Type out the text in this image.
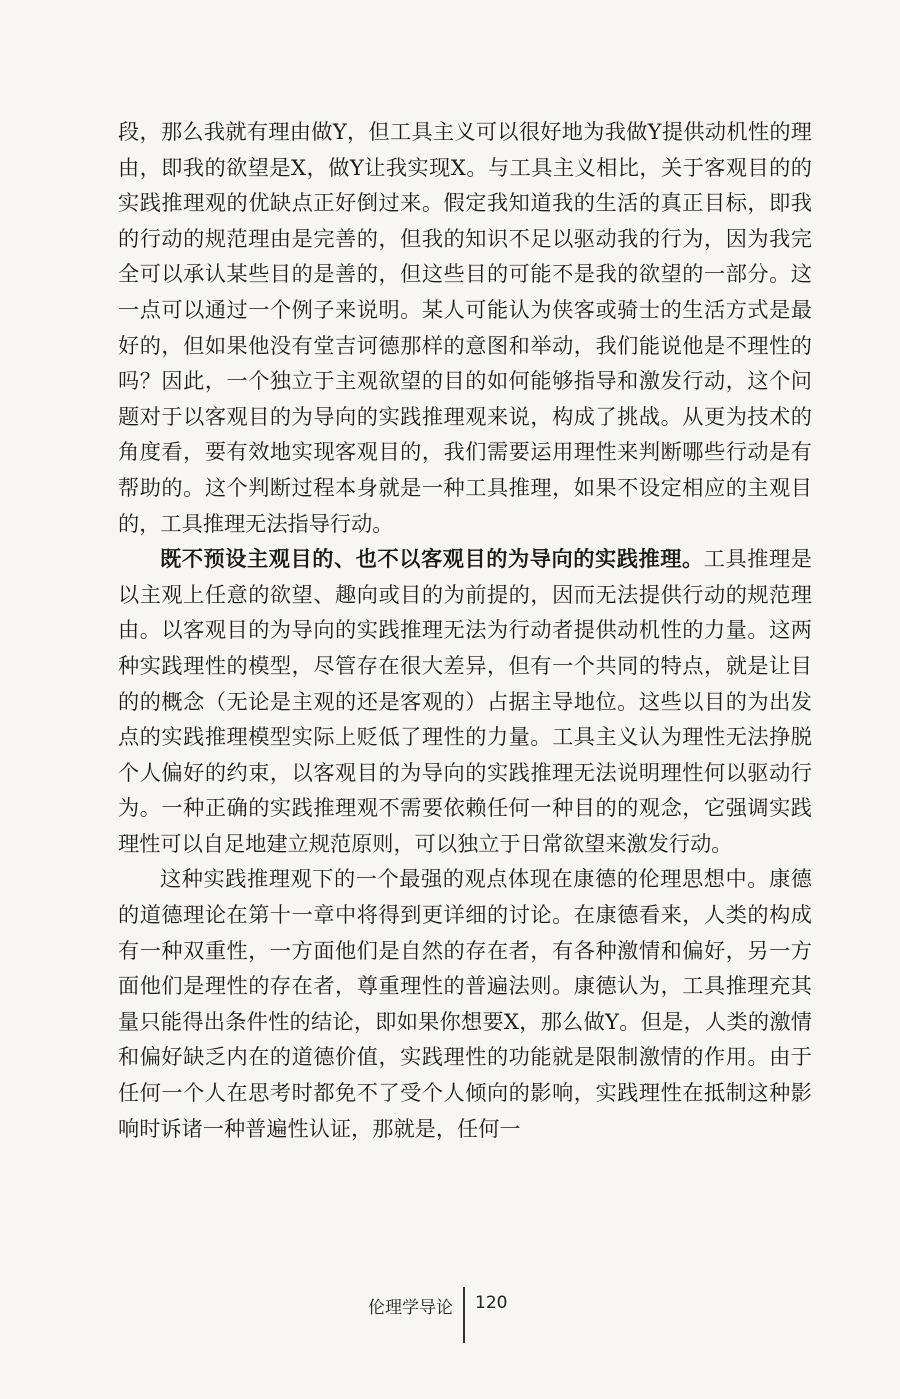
段，那么我就有理由做Y，但工具主义可以很好地为我做Y提供动机性的理由，即我的欲望是X，做Y让我实现X。与工具主义相比，关于客观目的的实践推理观的优缺点正好倒过来。假定我知道我的生活的真正目标，即我的行动的规范理由是完善的，但我的知识不足以驱动我的行为，因为我完全可以承认某些目的是善的，但这些目的可能不是我的欲望的一部分。这一点可以通过一个例子来说明。某人可能认为侠客或骑士的生活方式是最好的，但如果他没有堂吉诃德那样的意图和举动，我们能说他是不理性的吗？因此，一个独立于主观欲望的目的如何能够指导和激发行动，这个问题对于以客观目的为导向的实践推理观来说，构成了挑战。从更为技术的角度看，要有效地实现客观目的，我们需要运用理性来判断哪些行动是有帮助的。这个判断过程本身就是一种工具推理，如果不设定相应的主观目的，工具推理无法指导行动。

既不预设主观目的、也不以客观目的为导向的实践推理。工具推理是以主观上任意的欲望、趣向或目的为前提的，因而无法提供行动的规范理由。以客观目的为导向的实践推理无法为行动者提供动机性的力量。这两种实践理性的模型，尽管存在很大差异，但有一个共同的特点，就是让目的的概念（无论是主观的还是客观的）占据主导地位。这些以目的为出发点的实践推理模型实际上贬低了理性的力量。工具主义认为理性无法挣脱个人偏好的约束，以客观目的为导向的实践推理无法说明理性何以驱动行为。一种正确的实践推理观不需要依赖任何一种目的的观念，它强调实践理性可以自足地建立规范原则，可以独立于日常欲望来激发行动。

这种实践推理观下的一个最强的观点体现在康德的伦理思想中。康德的道德理论在第十一章中将得到更详细的讨论。在康德看来，人类的构成有一种双重性，一方面他们是自然的存在者，有各种激情和偏好，另一方面他们是理性的存在者，尊重理性的普遍法则。康德认为，工具推理充其量只能得出条件性的结论，即如果你想要X，那么做Y。但是，人类的激情和偏好缺乏内在的道德价值，实践理性的功能就是限制激情的作用。由于任何一个人在思考时都免不了受个人倾向的影响，实践理性在抵制这种影响时诉诸一种普遍性认证，那就是，任何一

伦理学导论 120
